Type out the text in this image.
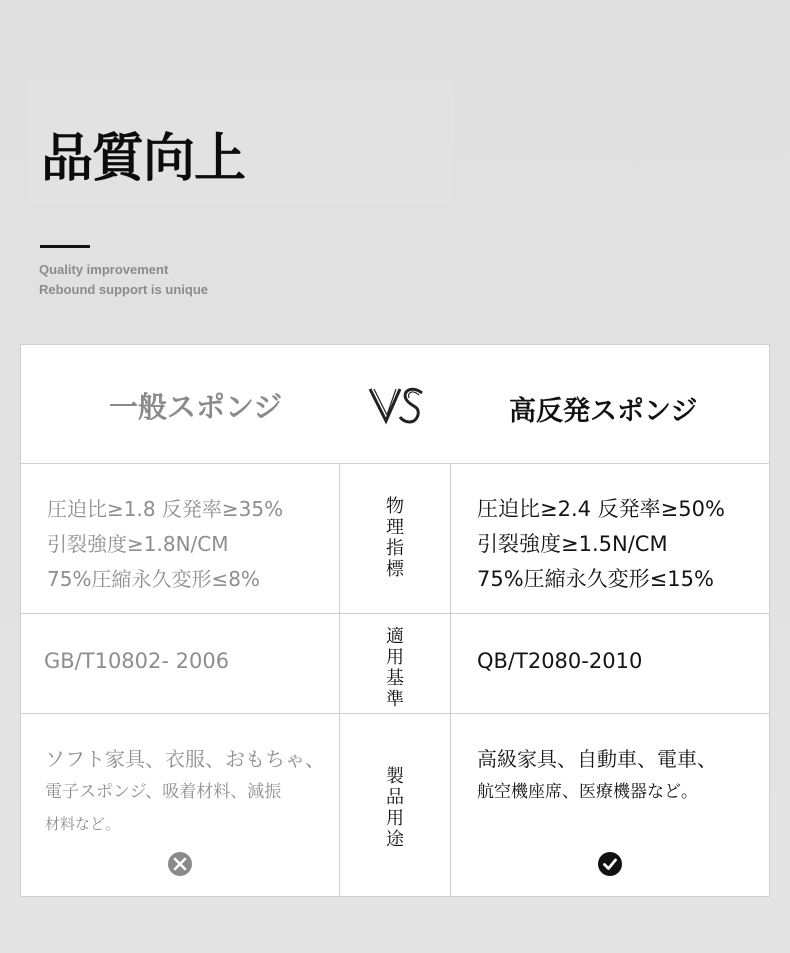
品質向上
Quality improvement
Rebound support is unique
一般スポンジ	高反発スポンジ
圧迫比≥1.8 反発率≥35%
引裂強度≥1.8N/CM
75%圧縮永久変形≤8%
物理指標
圧迫比≥2.4 反発率≥50%
引裂強度≥1.5N/CM
75%圧縮永久変形≤15%
GB/T10802- 2006
適用基準
QB/T2080-2010
ソフト家具、衣服、おもちゃ、
電子スポンジ、吸着材料、減振
材料など。
製品用途
高級家具、自動車、電車、
航空機座席、医療機器など。
